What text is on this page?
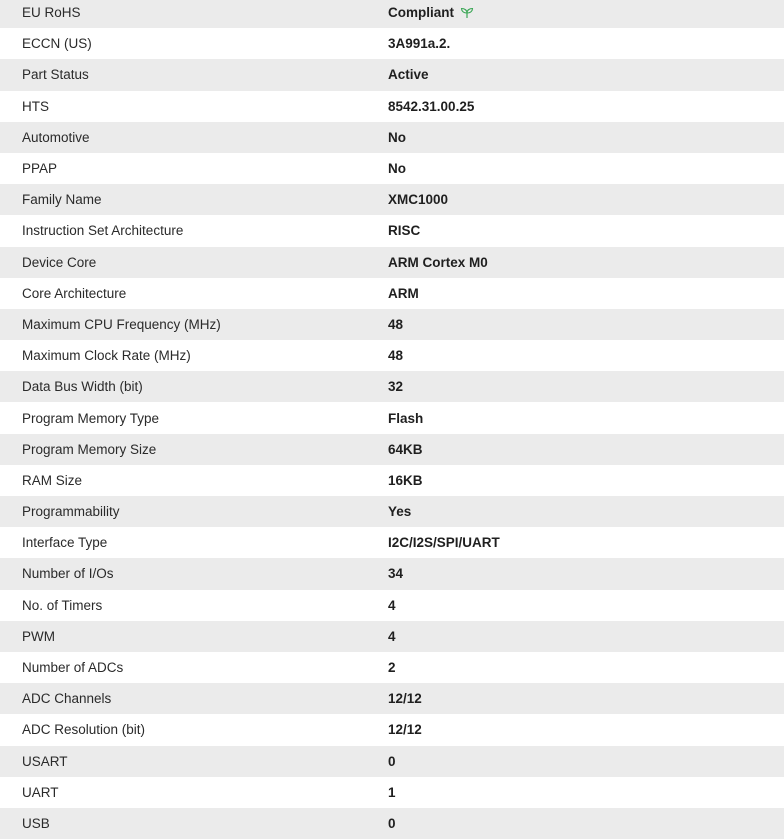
EU RoHS	Compliant
ECCN (US)	3A991a.2.
Part Status	Active
HTS	8542.31.00.25
Automotive	No
PPAP	No
Family Name	XMC1000
Instruction Set Architecture	RISC
Device Core	ARM Cortex M0
Core Architecture	ARM
Maximum CPU Frequency (MHz)	48
Maximum Clock Rate (MHz)	48
Data Bus Width (bit)	32
Program Memory Type	Flash
Program Memory Size	64KB
RAM Size	16KB
Programmability	Yes
Interface Type	I2C/I2S/SPI/UART
Number of I/Os	34
No. of Timers	4
PWM	4
Number of ADCs	2
ADC Channels	12/12
ADC Resolution (bit)	12/12
USART	0
UART	1
USB	0
